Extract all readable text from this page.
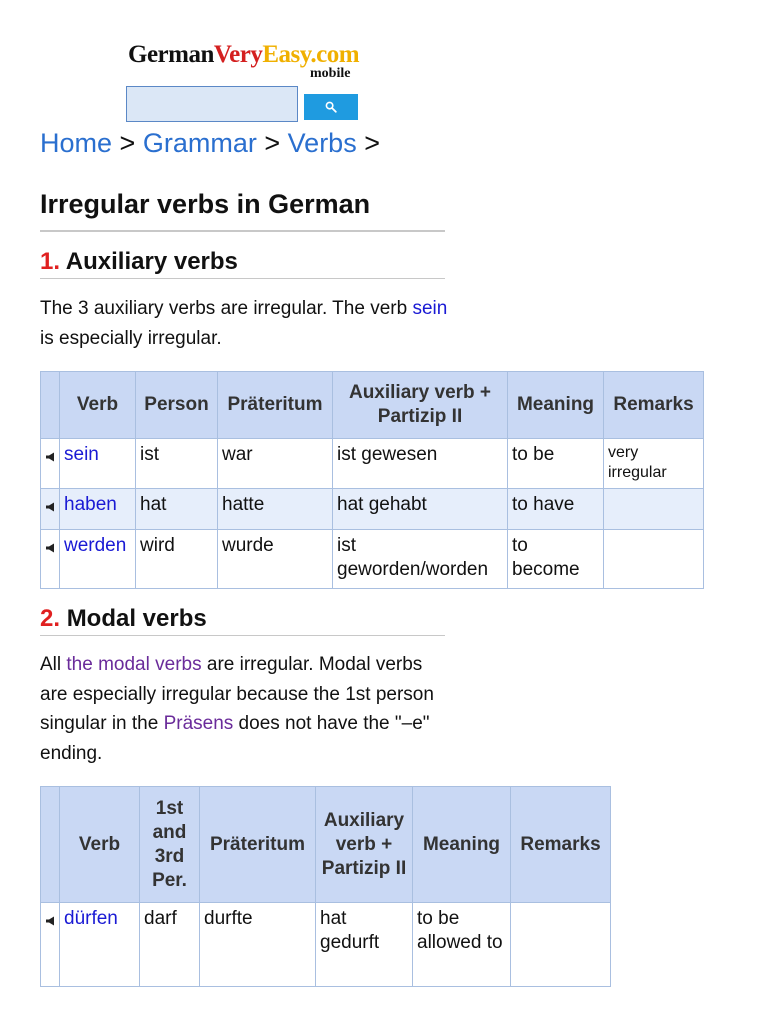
GermanVeryEasy.com
mobile
Home > Grammar > Verbs >
Irregular verbs in German
1. Auxiliary verbs

The 3 auxiliary verbs are irregular. The verb sein is especially irregular.

	Verb	Person	Präteritum	Auxiliary verb + Partizip II	Meaning	Remarks
	sein	ist	war	ist gewesen	to be	very irregular
	haben	hat	hatte	hat gehabt	to have	
	werden	wird	wurde	ist geworden/worden	to become	
2. Modal verbs

All the modal verbs are irregular. Modal verbs are especially irregular because the 1st person singular in the Präsens does not have the "–e" ending.

	Verb	1st and 3rd Per.	Präteritum	Auxiliary verb + Partizip II	Meaning	Remarks
	dürfen	darf	durfte	hat gedurft	to be allowed to	
